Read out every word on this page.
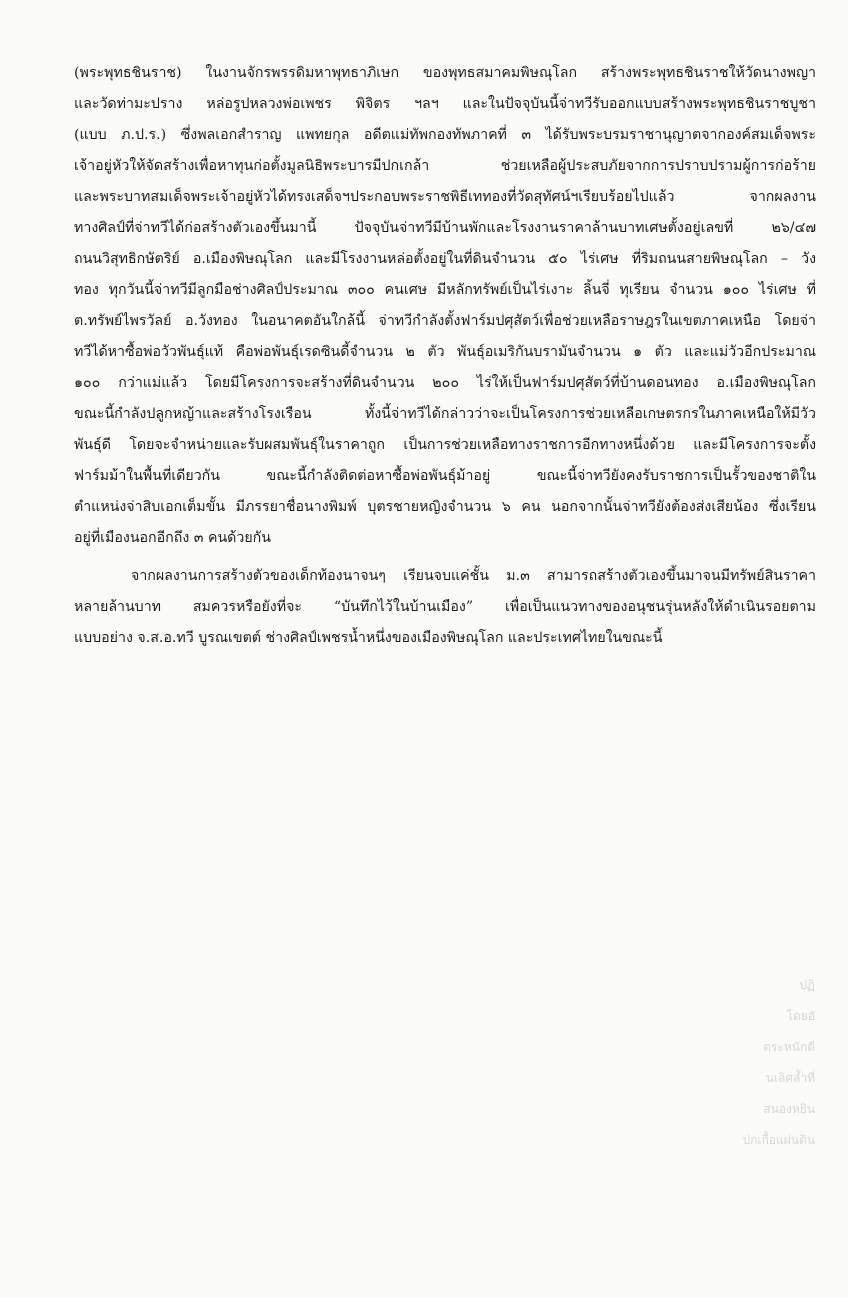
(พระพุทธชินราช) ในงานจักรพรรดิมหาพุทธาภิเษก ของพุทธสมาคมพิษณุโลก สร้างพระพุทธชินราชให้วัดนางพญา
และวัดท่ามะปราง หล่อรูปหลวงพ่อเพชร พิจิตร ฯลฯ และในปัจจุบันนี้จ่าทวีรับออกแบบสร้างพระพุทธชินราชบูชา
(แบบ ภ.ป.ร.) ซึ่งพลเอกสำราญ แพทยกุล อดีตแม่ทัพกองทัพภาคที่ ๓ ได้รับพระบรมราชานุญาตจากองค์สมเด็จพระ
เจ้าอยู่หัวให้จัดสร้างเพื่อหาทุนก่อตั้งมูลนิธิพระบารมีปกเกล้า ช่วยเหลือผู้ประสบภัยจากการปราบปรามผู้การก่อร้าย
และพระบาทสมเด็จพระเจ้าอยู่หัวได้ทรงเสด็จฯประกอบพระราชพิธีเททองที่วัดสุทัศน์ฯเรียบร้อยไปแล้ว จากผลงาน
ทางศิลป์ที่จ่าทวีได้ก่อสร้างตัวเองขึ้นมานี้ ปัจจุบันจ่าทวีมีบ้านพักและโรงงานราคาล้านบาทเศษตั้งอยู่เลขที่ ๒๖/๔๗
ถนนวิสุทธิกษัตริย์ อ.เมืองพิษณุโลก และมีโรงงานหล่อตั้งอยู่ในที่ดินจำนวน ๕๐ ไร่เศษ ที่ริมถนนสายพิษณุโลก – วัง
ทอง ทุกวันนี้จ่าทวีมีลูกมือช่างศิลป์ประมาณ ๓๐๐ คนเศษ มีหลักทรัพย์เป็นไร่เงาะ ลิ้นจี่ ทุเรียน จำนวน ๑๐๐ ไร่เศษ ที่
ต.ทรัพย์ไพรวัลย์ อ.วังทอง ในอนาคตอันใกล้นี้ จ่าทวีกำลังตั้งฟาร์มปศุสัตว์เพื่อช่วยเหลือราษฎรในเขตภาคเหนือ โดยจ่า
ทวีได้หาซื้อพ่อวัวพันธุ์แท้ คือพ่อพันธุ์เรดซินดี้จำนวน ๒ ตัว พันธุ์อเมริกันบรามันจำนวน ๑ ตัว และแม่วัวอีกประมาณ
๑๐๐ กว่าแม่แล้ว โดยมีโครงการจะสร้างที่ดินจำนวน ๒๐๐ ไร่ให้เป็นฟาร์มปศุสัตว์ที่บ้านดอนทอง อ.เมืองพิษณุโลก
ขณะนี้กำลังปลูกหญ้าและสร้างโรงเรือน ทั้งนี้จ่าทวีได้กล่าวว่าจะเป็นโครงการช่วยเหลือเกษตรกรในภาคเหนือให้มีวัว
พันธุ์ดี โดยจะจำหน่ายและรับผสมพันธุ์ในราคาถูก เป็นการช่วยเหลือทางราชการอีกทางหนึ่งด้วย และมีโครงการจะตั้ง
ฟาร์มม้าในพื้นที่เดียวกัน ขณะนี้กำลังติดต่อหาซื้อพ่อพันธุ์ม้าอยู่ ขณะนี้จ่าทวียังคงรับราชการเป็นรั้วของชาติใน
ตำแหน่งจ่าสิบเอกเต็มขั้น มีภรรยาชื่อนางพิมพ์ บุตรชายหญิงจำนวน ๖ คน นอกจากนั้นจ่าทวียังต้องส่งเสียน้อง ซึ่งเรียน
อยู่ที่เมืองนอกอีกถึง ๓ คนด้วยกัน
จากผลงานการสร้างตัวของเด็กท้องนาจนๆ เรียนจบแค่ชั้น ม.๓ สามารถสร้างตัวเองขึ้นมาจนมีทรัพย์สินราคา
หลายล้านบาท สมควรหรือยังที่จะ “บันทึกไว้ในบ้านเมือง” เพื่อเป็นแนวทางของอนุชนรุ่นหลังให้ดำเนินรอยตาม
แบบอย่าง จ.ส.อ.ทวี บูรณเขตต์ ช่างศิลป์เพชรน้ำหนึ่งของเมืองพิษณุโลก และประเทศไทยในขณะนี้
ปฏิ
โดยอั
ตระหนักดี
นเลิศล้ำที่
สนองหยิน
ปกเกื้อแผ่นดิน
